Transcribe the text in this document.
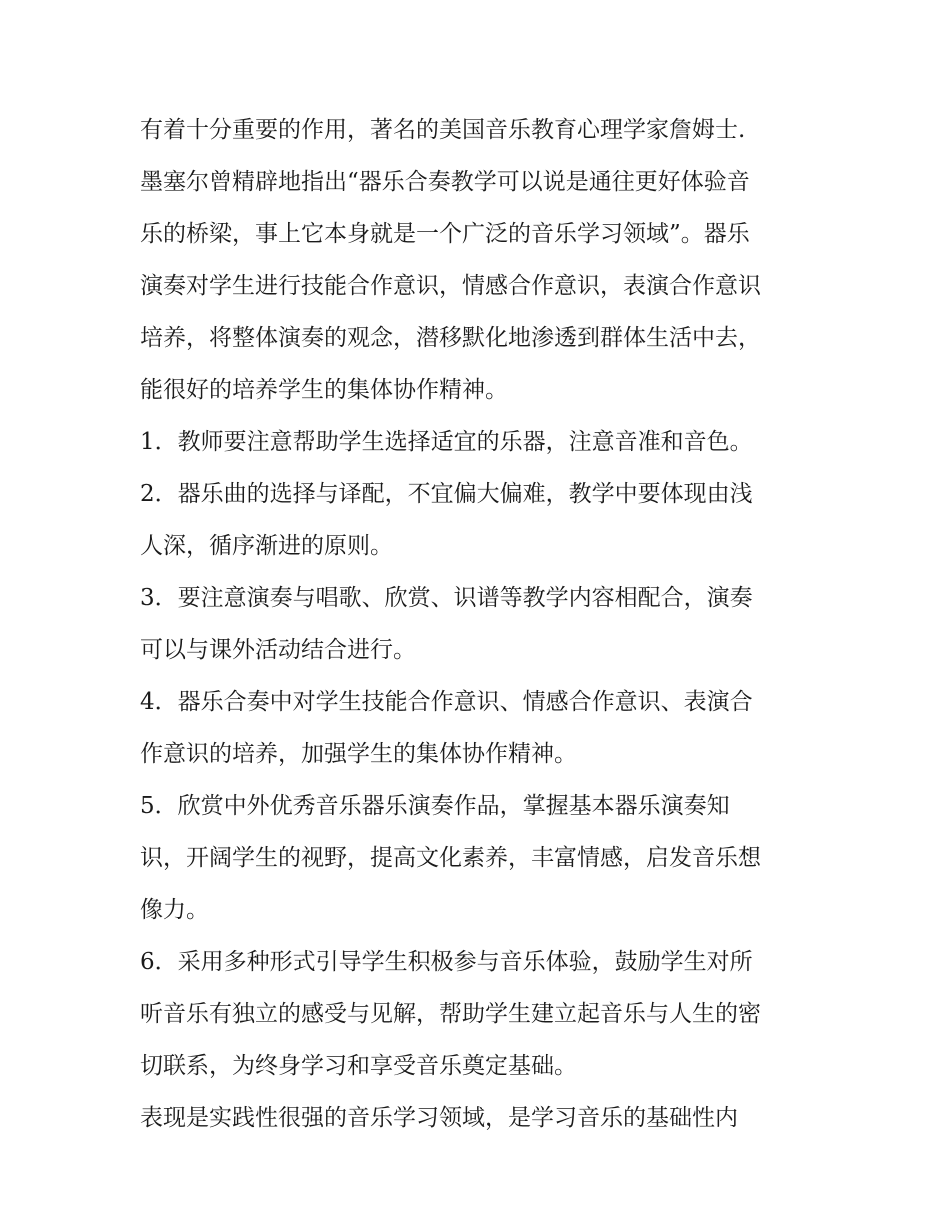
有着十分重要的作用，著名的美国音乐教育心理学家詹姆士.
墨塞尔曾精辟地指出“器乐合奏教学可以说是通往更好体验音
乐的桥梁，事上它本身就是一个广泛的音乐学习领域”。器乐
演奏对学生进行技能合作意识，情感合作意识，表演合作意识
培养，将整体演奏的观念，潜移默化地渗透到群体生活中去，
能很好的培养学生的集体协作精神。
1．教师要注意帮助学生选择适宜的乐器，注意音准和音色。
2．器乐曲的选择与译配，不宜偏大偏难，教学中要体现由浅
人深，循序渐进的原则。
3．要注意演奏与唱歌、欣赏、识谱等教学内容相配合，演奏
可以与课外活动结合进行。
4．器乐合奏中对学生技能合作意识、情感合作意识、表演合
作意识的培养，加强学生的集体协作精神。
5．欣赏中外优秀音乐器乐演奏作品，掌握基本器乐演奏知
识，开阔学生的视野，提高文化素养，丰富情感，启发音乐想
像力。
6．采用多种形式引导学生积极参与音乐体验，鼓励学生对所
听音乐有独立的感受与见解，帮助学生建立起音乐与人生的密
切联系，为终身学习和享受音乐奠定基础。
表现是实践性很强的音乐学习领域，是学习音乐的基础性内
